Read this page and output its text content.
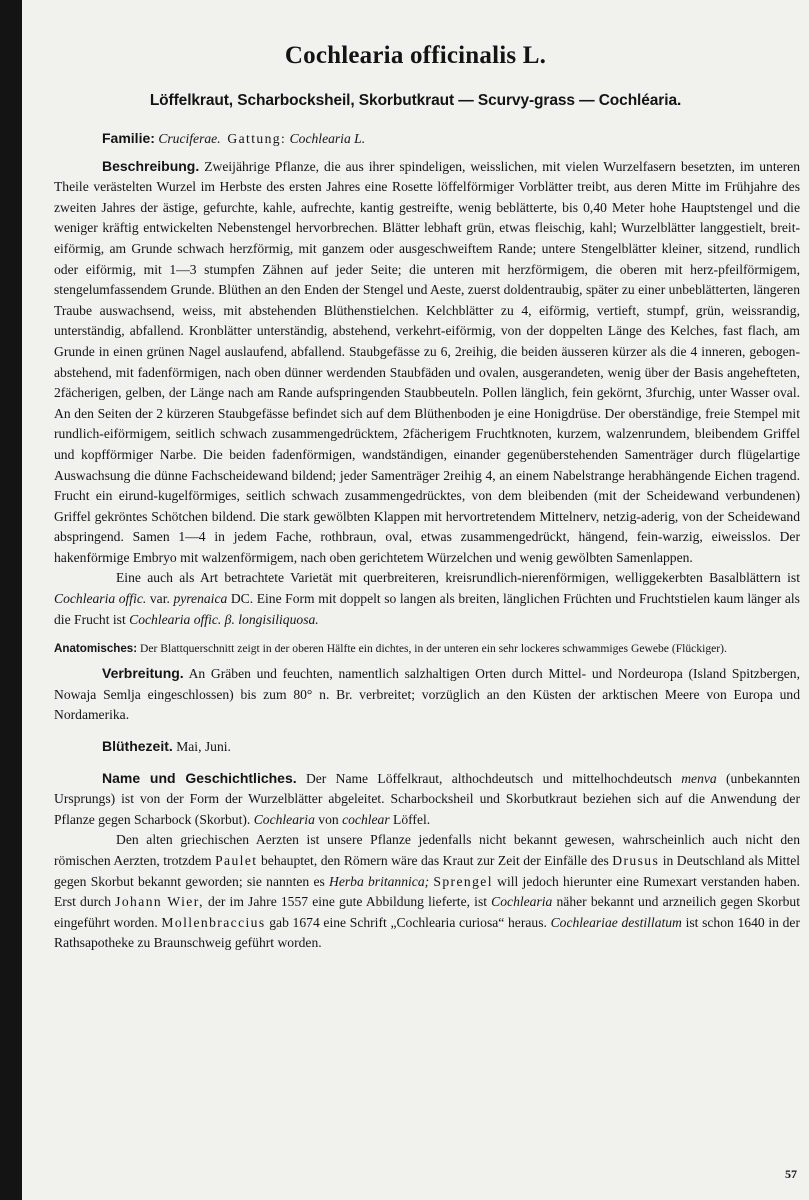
Cochlearia officinalis L.
Löffelkraut, Scharbocksheil, Skorbutkraut — Scurvy-grass — Cochléaria.

Familie: Cruciferae. Gattung: Cochlearia L.

Beschreibung. Zweijährige Pflanze, die aus ihrer spindeligen, weisslichen, mit vielen Wurzelfasern besetzten, im unteren Theile verästelten Wurzel im Herbste des ersten Jahres eine Rosette löffelförmiger Vorblätter treibt, aus deren Mitte im Frühjahre des zweiten Jahres der ästige, gefurchte, kahle, aufrechte, kantig gestreifte, wenig beblätterte, bis 0,40 Meter hohe Hauptstengel und die weniger kräftig entwickelten Nebenstengel hervorbrechen. Blätter lebhaft grün, etwas fleischig, kahl; Wurzelblätter langgestielt, breit-eiförmig, am Grunde schwach herzförmig, mit ganzem oder ausgeschweiftem Rande; untere Stengelblätter kleiner, sitzend, rundlich oder eiförmig, mit 1—3 stumpfen Zähnen auf jeder Seite; die unteren mit herzförmigem, die oberen mit herz-pfeilförmigem, stengelumfassendem Grunde. Blüthen an den Enden der Stengel und Aeste, zuerst doldentraubig, später zu einer unbeblätterten, längeren Traube auswachsend, weiss, mit abstehenden Blüthenstielchen. Kelchblätter zu 4, eiförmig, vertieft, stumpf, grün, weissrandig, unterständig, abfallend. Kronblätter unterständig, abstehend, verkehrt-eiförmig, von der doppelten Länge des Kelches, fast flach, am Grunde in einen grünen Nagel auslaufend, abfallend. Staubgefässe zu 6, 2reihig, die beiden äusseren kürzer als die 4 inneren, gebogen-abstehend, mit fadenförmigen, nach oben dünner werdenden Staubfäden und ovalen, ausgerandeten, wenig über der Basis angehefteten, 2fächerigen, gelben, der Länge nach am Rande aufspringenden Staubbeuteln. Pollen länglich, fein gekörnt, 3furchig, unter Wasser oval. An den Seiten der 2 kürzeren Staubgefässe befindet sich auf dem Blüthenboden je eine Honigdrüse. Der oberständige, freie Stempel mit rundlich-eiförmigem, seitlich schwach zusammengedrücktem, 2fächerigem Fruchtknoten, kurzem, walzenrundem, bleibendem Griffel und kopfförmiger Narbe. Die beiden fadenförmigen, wandständigen, einander gegenüberstehenden Samenträger durch flügelartige Auswachsung die dünne Fachscheidewand bildend; jeder Samenträger 2reihig 4, an einem Nabelstrange herabhängende Eichen tragend. Frucht ein eirund-kugelförmiges, seitlich schwach zusammengedrücktes, von dem bleibenden (mit der Scheidewand verbundenen) Griffel gekröntes Schötchen bildend. Die stark gewölbten Klappen mit hervortretendem Mittelnerv, netzig-aderig, von der Scheidewand abspringend. Samen 1—4 in jedem Fache, rothbraun, oval, etwas zusammengedrückt, hängend, fein-warzig, eiweisslos. Der hakenförmige Embryo mit walzenförmigem, nach oben gerichtetem Würzelchen und wenig gewölbten Samenlappen.

Eine auch als Art betrachtete Varietät mit querbreiteren, kreisrundlich-nierenförmigen, welliggekerbten Basalblättern ist Cochlearia offic. var. pyrenaica DC. Eine Form mit doppelt so langen als breiten, länglichen Früchten und Fruchtstielen kaum länger als die Frucht ist Cochlearia offic. β. longisiliquosa.

Anatomisches: Der Blattquerschnitt zeigt in der oberen Hälfte ein dichtes, in der unteren ein sehr lockeres schwammiges Gewebe (Flückiger).

Verbreitung. An Gräben und feuchten, namentlich salzhaltigen Orten durch Mittel- und Nordeuropa (Island Spitzbergen, Nowaja Semlja eingeschlossen) bis zum 80° n. Br. verbreitet; vorzüglich an den Küsten der arktischen Meere von Europa und Nordamerika.

Blüthezeit. Mai, Juni.

Name und Geschichtliches. Der Name Löffelkraut, althochdeutsch und mittelhochdeutsch menva (unbekannten Ursprungs) ist von der Form der Wurzelblätter abgeleitet. Scharbocksheil und Skorbutkraut beziehen sich auf die Anwendung der Pflanze gegen Scharbock (Skorbut). Cochlearia von cochlear Löffel.

Den alten griechischen Aerzten ist unsere Pflanze jedenfalls nicht bekannt gewesen, wahrscheinlich auch nicht den römischen Aerzten, trotzdem Paulet behauptet, den Römern wäre das Kraut zur Zeit der Einfälle des Drusus in Deutschland als Mittel gegen Skorbut bekannt geworden; sie nannten es Herba britannica; Sprengel will jedoch hierunter eine Rumexart verstanden haben. Erst durch Johann Wier, der im Jahre 1557 eine gute Abbildung lieferte, ist Cochlearia näher bekannt und arzneilich gegen Skorbut eingeführt worden. Mollenbraccius gab 1674 eine Schrift „Cochlearia curiosa“ heraus. Cochleariae destillatum ist schon 1640 in der Rathsapotheke zu Braunschweig geführt worden.

57
